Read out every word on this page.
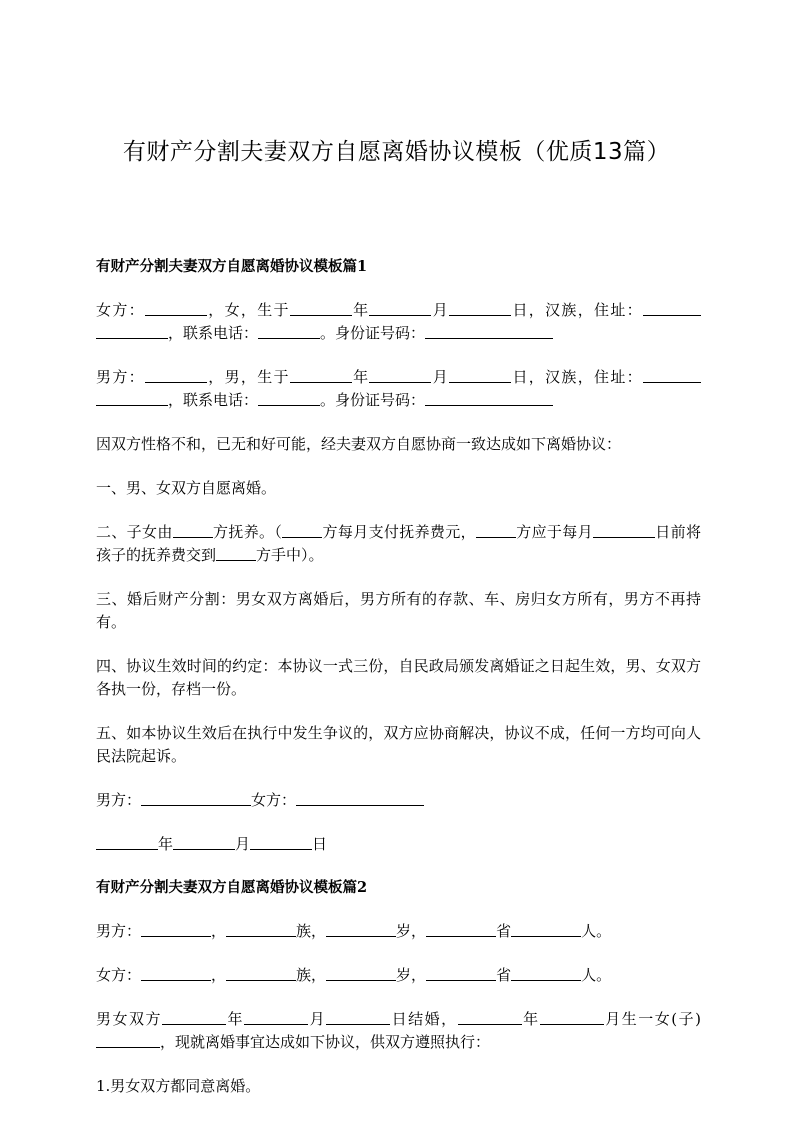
有财产分割夫妻双方自愿离婚协议模板（优质13篇）
有财产分割夫妻双方自愿离婚协议模板篇1
女方：	，女，生于	年	月	日，汉族，住址：，联系电话：	。身份证号码：
男方：	，男，生于	年	月	日，汉族，住址：，联系电话：	。身份证号码：
因双方性格不和，已无和好可能，经夫妻双方自愿协商一致达成如下离婚协议：
一、男、女双方自愿离婚。
二、子女由	方抚养。（	方每月支付抚养费元，	方应于每月	日前将孩子的抚养费交到	方手中）。
三、婚后财产分割：男女双方离婚后，男方所有的存款、车、房归女方所有，男方不再持有。
四、协议生效时间的约定：本协议一式三份，自民政局颁发离婚证之日起生效，男、女双方各执一份，存档一份。
五、如本协议生效后在执行中发生争议的，双方应协商解决，协议不成，任何一方均可向人民法院起诉。
男方：	女方：
年	月	日
有财产分割夫妻双方自愿离婚协议模板篇2
男方：	，	族，	岁，	省	人。
女方：	，	族，	岁，	省	人。
男女双方	年	月	日结婚，	年	月生一女(子)，现就离婚事宜达成如下协议，供双方遵照执行：
1.男女双方都同意离婚。
